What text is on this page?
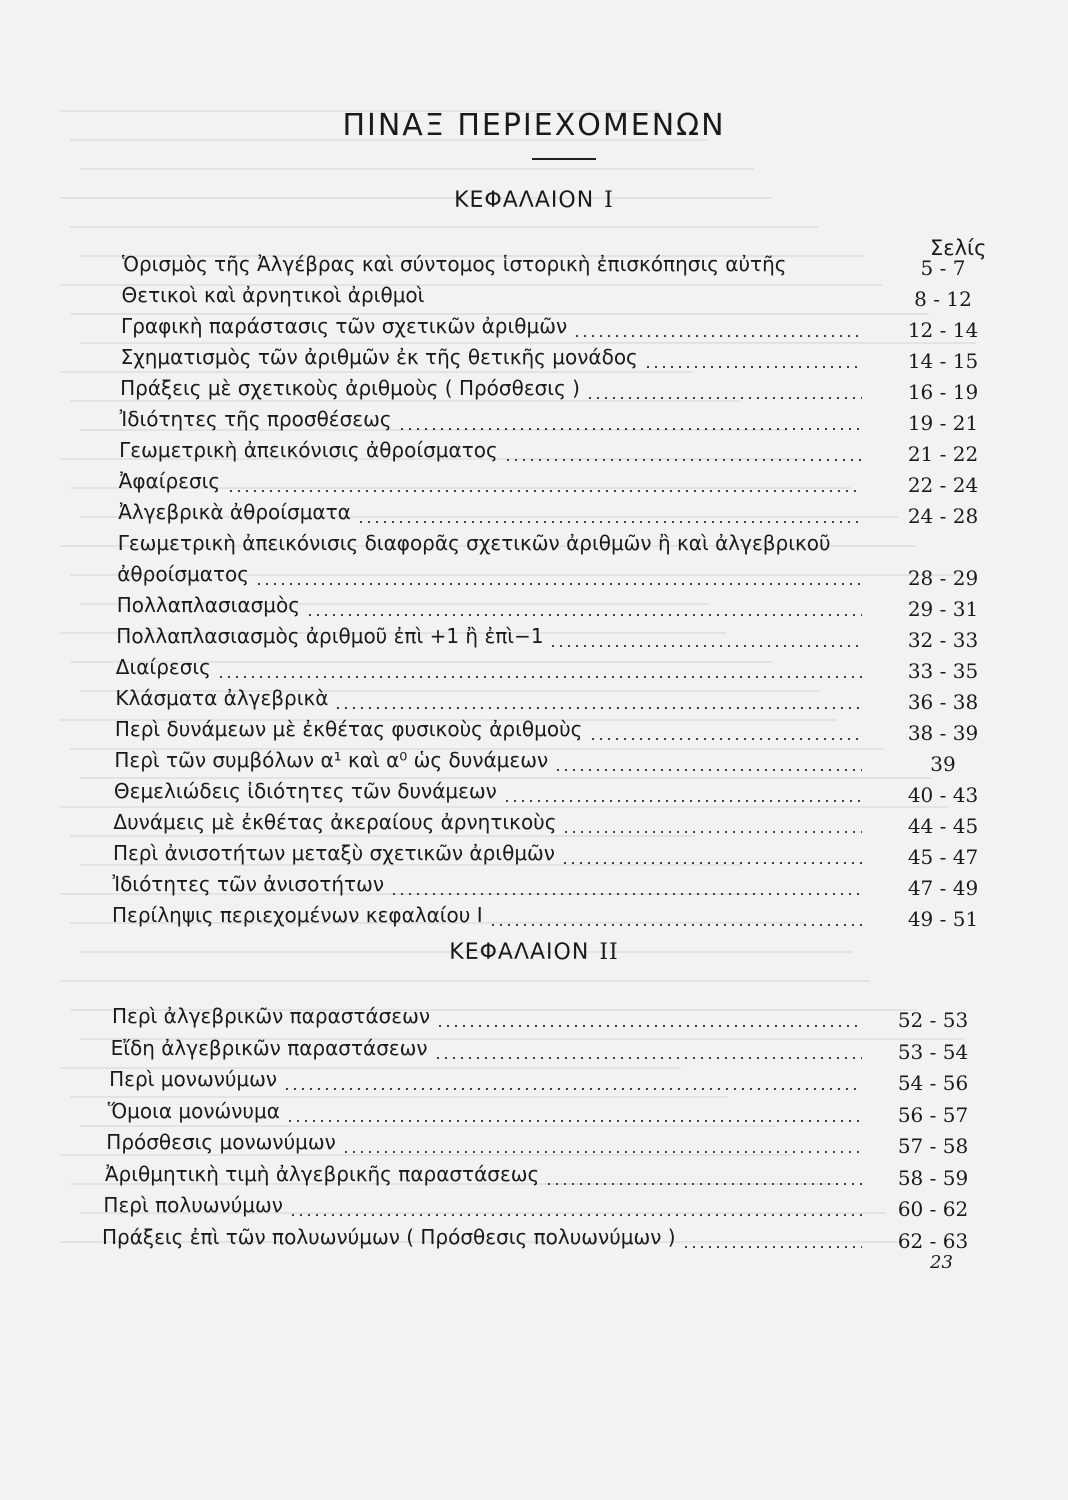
ΠΙΝΑΞ ΠΕΡΙΕΧΟΜΕΝΩΝ
ΚΕΦΑΛΑΙΟΝ Ι
Σελίς
Ὁρισμὸς τῆς Ἀλγέβρας καὶ σύντομος ἱστορικὴ ἐπισκόπησις αὐτῆς	5 - 7
Θετικοὶ καὶ ἀρνητικοὶ ἀριθμοὶ	8 - 12
Γραφικὴ παράστασις τῶν σχετικῶν ἀριθμῶν	12 - 14
Σχηματισμὸς τῶν ἀριθμῶν ἐκ τῆς θετικῆς μονάδος	14 - 15
Πράξεις μὲ σχετικοὺς ἀριθμοὺς ( Πρόσθεσις )	16 - 19
Ἰδιότητες τῆς προσθέσεως	19 - 21
Γεωμετρικὴ ἀπεικόνισις ἀθροίσματος	21 - 22
Ἀφαίρεσις	22 - 24
Ἀλγεβρικὰ ἀθροίσματα	24 - 28
Γεωμετρικὴ ἀπεικόνισις διαφορᾶς σχετικῶν ἀριθμῶν ἢ καὶ ἀλγεβρικοῦ
ἀθροίσματος	28 - 29
Πολλαπλασιασμὸς	29 - 31
Πολλαπλασιασμὸς ἀριθμοῦ ἐπὶ +1 ἢ ἐπὶ−1	32 - 33
Διαίρεσις	33 - 35
Κλάσματα ἀλγεβρικὰ	36 - 38
Περὶ δυνάμεων μὲ ἐκθέτας φυσικοὺς ἀριθμοὺς	38 - 39
Περὶ τῶν συμβόλων α¹ καὶ α⁰ ὡς δυνάμεων	39
Θεμελιώδεις ἰδιότητες τῶν δυνάμεων	40 - 43
Δυνάμεις μὲ ἐκθέτας ἀκεραίους ἀρνητικοὺς	44 - 45
Περὶ ἀνισοτήτων μεταξὺ σχετικῶν ἀριθμῶν	45 - 47
Ἰδιότητες τῶν ἀνισοτήτων	47 - 49
Περίληψις περιεχομένων κεφαλαίου Ι	49 - 51
ΚΕΦΑΛΑΙΟΝ ΙΙ
Περὶ ἀλγεβρικῶν παραστάσεων	52 - 53
Εἴδη ἀλγεβρικῶν παραστάσεων	53 - 54
Περὶ μονωνύμων	54 - 56
Ὅμοια μονώνυμα	56 - 57
Πρόσθεσις μονωνύμων	57 - 58
Ἀριθμητικὴ τιμὴ ἀλγεβρικῆς παραστάσεως	58 - 59
Περὶ πολυωνύμων	60 - 62
Πράξεις ἐπὶ τῶν πολυωνύμων ( Πρόσθεσις πολυωνύμων )	62 - 63
23
